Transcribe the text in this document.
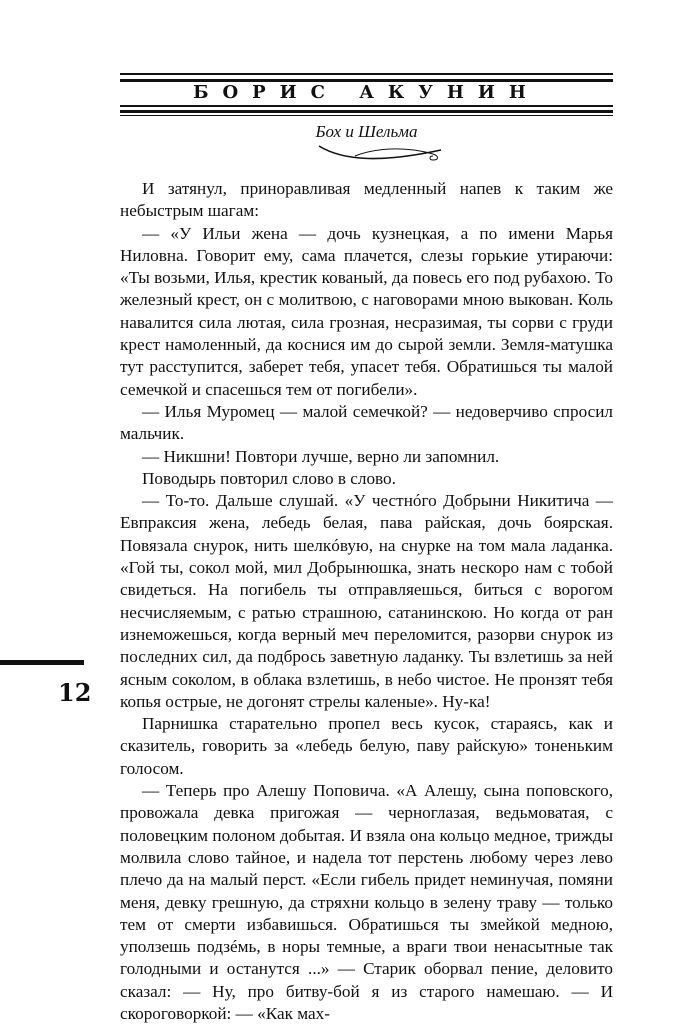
БОРИС АКУНИН
Бох и Шельма

И затянул, приноравливая медленный напев к таким же небыстрым шагам:

— «У Ильи жена — дочь кузнецкая, а по имени Марья Ниловна. Говорит ему, сама плачется, слезы горькие утираючи: «Ты возьми, Илья, крестик кованый, да повесь его под рубахою. То железный крест, он с молитвою, с наговорами мною выкован. Коль навалится сила лютая, сила грозная, несразимая, ты сорви с груди крест намоленный, да коснися им до сырой земли. Земля-матушка тут расступится, заберет тебя, упасет тебя. Обратишься ты малой семечкой и спасешься тем от погибели».

— Илья Муромец — малой семечкой? — недоверчиво спросил мальчик.

— Никшни! Повтори лучше, верно ли запомнил.

Поводырь повторил слово в слово.

— То-то. Дальше слушай. «У честнóго Добрыни Никитича — Евпраксия жена, лебедь белая, пава райская, дочь боярская. Повязала снурок, нить шелкóвую, на снурке на том мала ладанка. «Гой ты, сокол мой, мил Добрынюшка, знать нескоро нам с тобой свидеться. На погибель ты отправляешься, биться с ворогом несчисляемым, с ратью страшною, сатанинскою. Но когда от ран изнеможешься, когда верный меч переломится, разорви снурок из последних сил, да подбрось заветную ладанку. Ты взлетишь за ней ясным соколом, в облака взлетишь, в небо чистое. Не пронзят тебя копья острые, не догонят стрелы каленые». Ну-ка!

Парнишка старательно пропел весь кусок, стараясь, как и сказитель, говорить за «лебедь белую, паву райскую» тоненьким голосом.

— Теперь про Алешу Поповича. «А Алешу, сына поповского, провожала девка пригожая — черноглазая, ведьмоватая, с половецким полоном добытая. И взяла она кольцо медное, трижды молвила слово тайное, и надела тот перстень любому через лево плечо да на малый перст. «Если гибель придет неминучая, помяни меня, девку грешную, да стряхни кольцо в зелену траву — только тем от смерти избавишься. Обратишься ты змейкой медною, уползешь подзéмь, в норы темные, а враги твои ненасытные так голодными и останутся ...» — Старик оборвал пение, деловито сказал: — Ну, про битву-бой я из старого намешаю. — И скороговоркой: — «Как мах-

12
